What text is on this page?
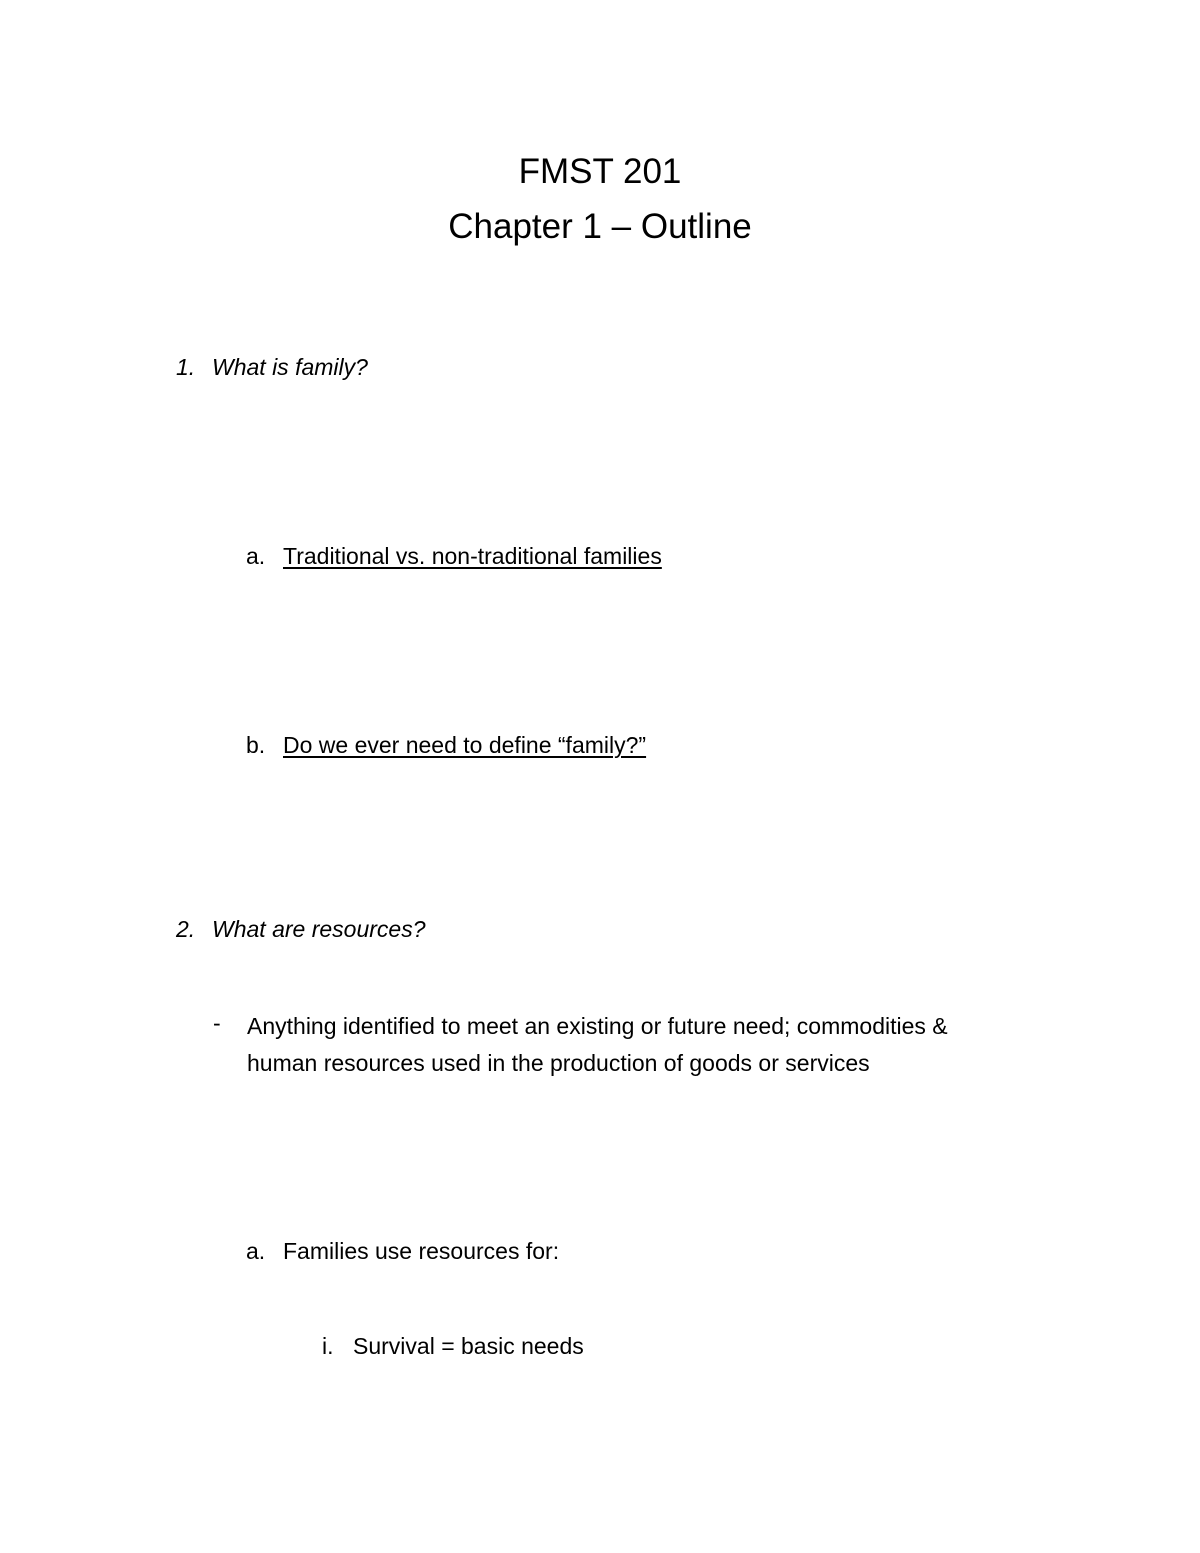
FMST 201
Chapter 1 – Outline
1. What is family?
a. Traditional vs. non-traditional families
b. Do we ever need to define “family?”
2. What are resources?
- Anything identified to meet an existing or future need; commodities &
human resources used in the production of goods or services
a. Families use resources for:
i. Survival = basic needs
